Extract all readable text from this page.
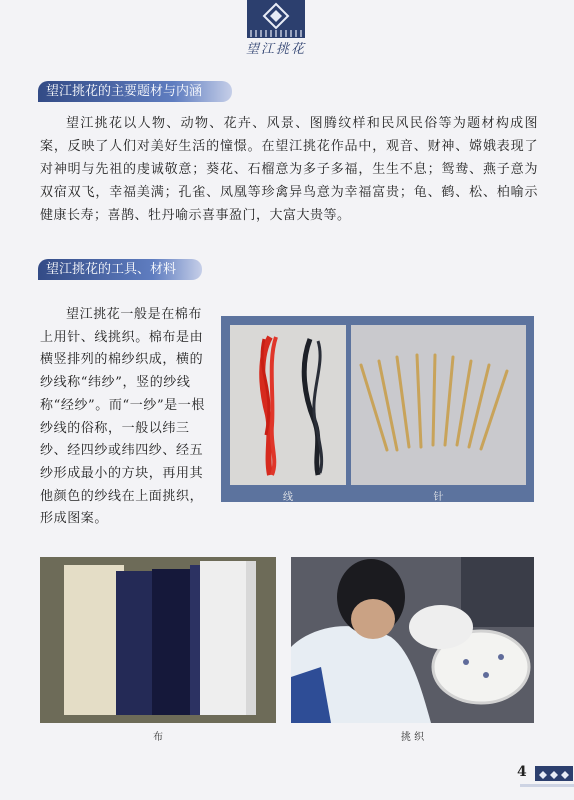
望江挑花
望江挑花的主要题材与内涵
望江挑花以人物、动物、花卉、风景、图腾纹样和民风民俗等为题材构成图案，反映了人们对美好生活的憧憬。在望江挑花作品中，观音、财神、嫦娥表现了对神明与先祖的虔诚敬意；葵花、石榴意为多子多福，生生不息；鸳鸯、燕子意为双宿双飞，幸福美满；孔雀、凤凰等珍禽异鸟意为幸福富贵；龟、鹤、松、柏喻示健康长寿；喜鹊、牡丹喻示喜事盈门，大富大贵等。
望江挑花的工具、材料
望江挑花一般是在棉布上用针、线挑织。棉布是由横竖排列的棉纱织成，横的纱线称“纬纱”，竖的纱线称“经纱”。而“一纱”是一根纱线的俗称，一般以纬三纱、经四纱或纬四纱、经五纱形成最小的方块，再用其他颜色的纱线在上面挑织，形成图案。
线	针
布	挑 织
4
